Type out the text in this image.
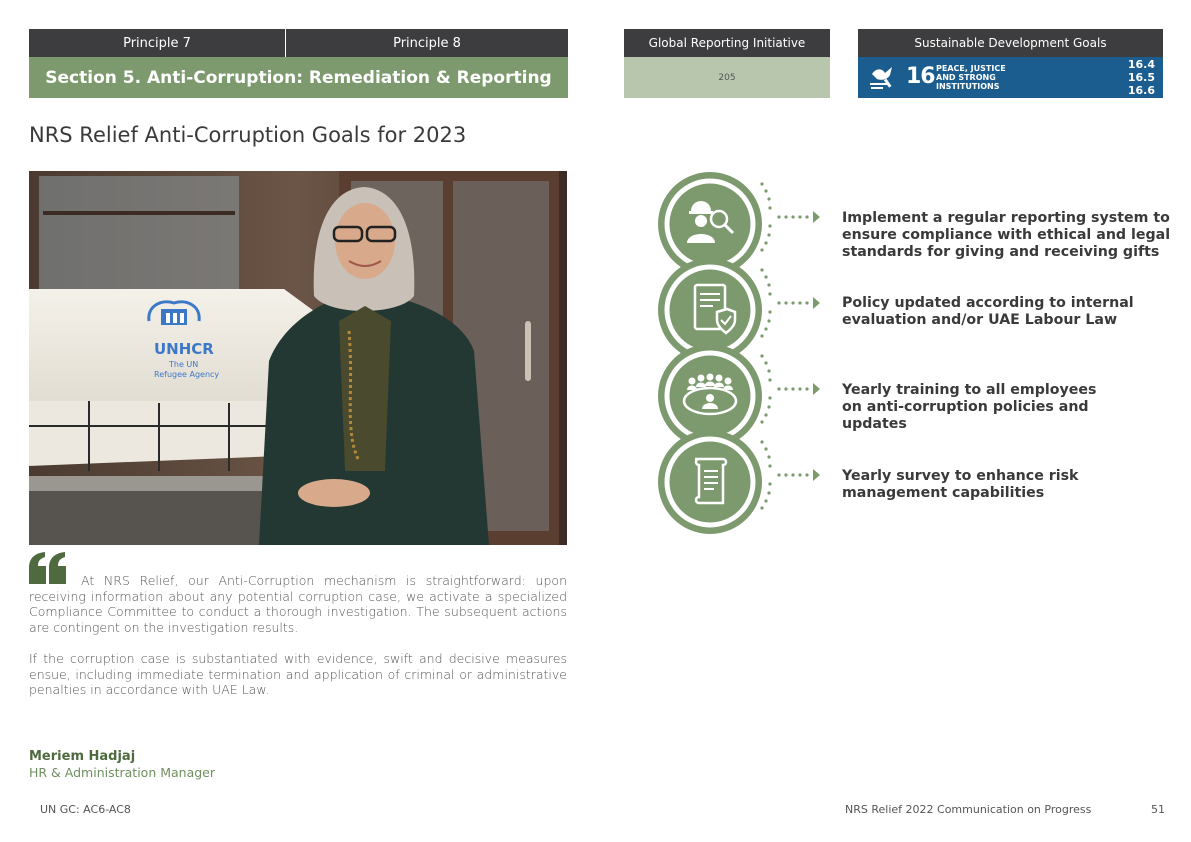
Principle 7	Principle 8
Section 5. Anti-Corruption: Remediation & Reporting
Global Reporting Initiative
205
Sustainable Development Goals
16 PEACE, JUSTICE
AND STRONG
INSTITUTIONS
16.4
16.5
16.6
NRS Relief Anti-Corruption Goals for 2023
UNHCR
The UN
Refugee Agency

At NRS Relief, our Anti-Corruption mechanism is straightforward: upon receiving information about any potential corruption case, we activate a specialized Compliance Committee to conduct a thorough investigation. The subsequent actions are contingent on the investigation results.

If the corruption case is substantiated with evidence, swift and decisive measures ensue, including immediate termination and application of criminal or administrative penalties in accordance with UAE Law.

Meriem Hadjaj
HR & Administration Manager
Implement a regular reporting system to
ensure compliance with ethical and legal
standards for giving and receiving gifts
Policy updated according to internal
evaluation and/or UAE Labour Law
Yearly training to all employees
on anti-corruption policies and
updates
Yearly survey to enhance risk
management capabilities
UN GC: AC6-AC8	NRS Relief 2022 Communication on Progress	51
